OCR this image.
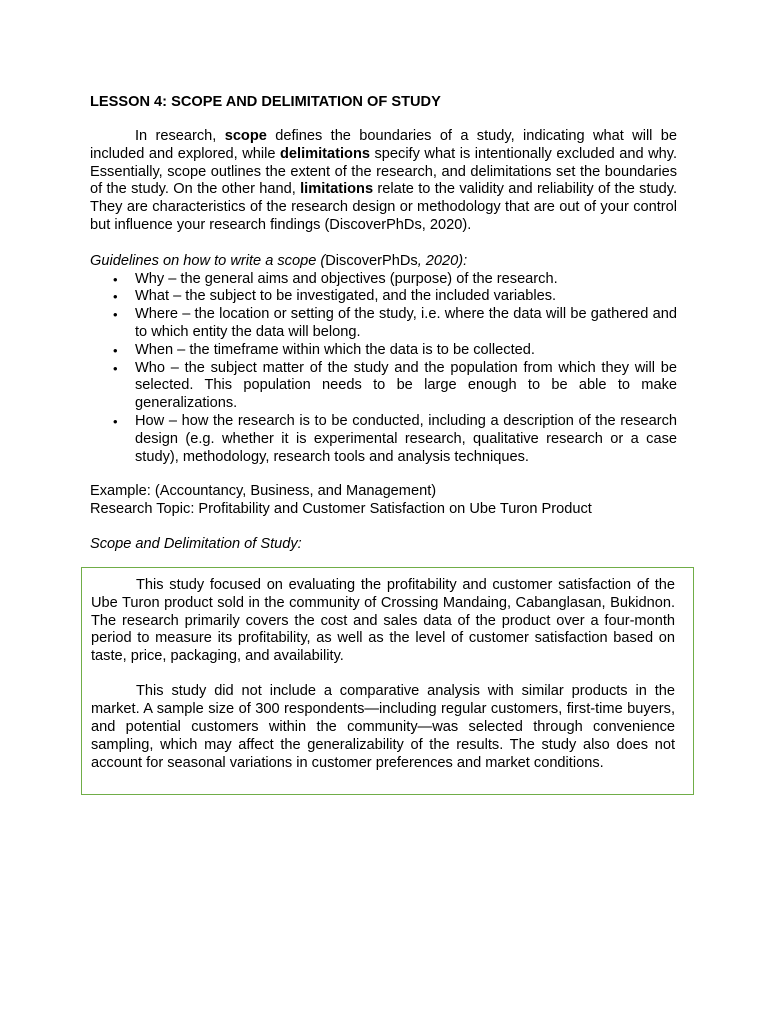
LESSON 4: SCOPE AND DELIMITATION OF STUDY

In research, scope defines the boundaries of a study, indicating what will be included and explored, while delimitations specify what is intentionally excluded and why. Essentially, scope outlines the extent of the research, and delimitations set the boundaries of the study. On the other hand, limitations relate to the validity and reliability of the study. They are characteristics of the research design or methodology that are out of your control but influence your research findings (DiscoverPhDs, 2020).

Guidelines on how to write a scope (DiscoverPhDs, 2020):

• Why – the general aims and objectives (purpose) of the research.
• What – the subject to be investigated, and the included variables.
• Where – the location or setting of the study, i.e. where the data will be gathered and to which entity the data will belong.
• When – the timeframe within which the data is to be collected.
• Who – the subject matter of the study and the population from which they will be selected. This population needs to be large enough to be able to make generalizations.
• How – how the research is to be conducted, including a description of the research design (e.g. whether it is experimental research, qualitative research or a case study), methodology, research tools and analysis techniques.

Example: (Accountancy, Business, and Management)

Research Topic: Profitability and Customer Satisfaction on Ube Turon Product

Scope and Delimitation of Study:

This study focused on evaluating the profitability and customer satisfaction of the Ube Turon product sold in the community of Crossing Mandaing, Cabanglasan, Bukidnon. The research primarily covers the cost and sales data of the product over a four-month period to measure its profitability, as well as the level of customer satisfaction based on taste, price, packaging, and availability.

This study did not include a comparative analysis with similar products in the market. A sample size of 300 respondents—including regular customers, first-time buyers, and potential customers within the community—was selected through convenience sampling, which may affect the generalizability of the results. The study also does not account for seasonal variations in customer preferences and market conditions.
